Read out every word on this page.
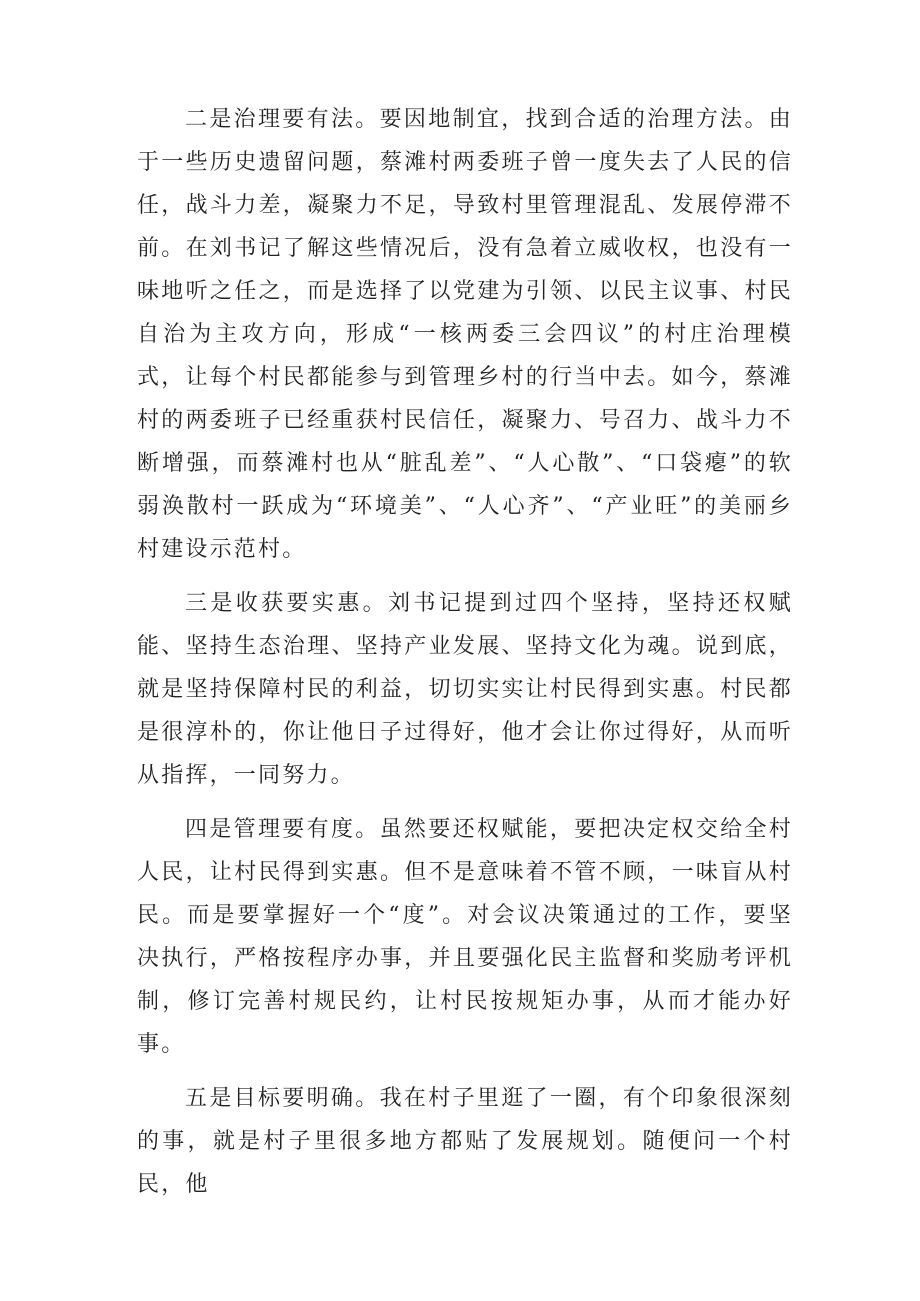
二是治理要有法。要因地制宜，找到合适的治理方法。由于一些历史遗留问题，蔡滩村两委班子曾一度失去了人民的信任，战斗力差，凝聚力不足，导致村里管理混乱、发展停滞不前。在刘书记了解这些情况后，没有急着立威收权，也没有一味地听之任之，而是选择了以党建为引领、以民主议事、村民自治为主攻方向，形成“一核两委三会四议”的村庄治理模式，让每个村民都能参与到管理乡村的行当中去。如今，蔡滩村的两委班子已经重获村民信任，凝聚力、号召力、战斗力不断增强，而蔡滩村也从“脏乱差”、“人心散”、“口袋瘪”的软弱涣散村一跃成为“环境美”、“人心齐”、“产业旺”的美丽乡村建设示范村。

三是收获要实惠。刘书记提到过四个坚持，坚持还权赋能、坚持生态治理、坚持产业发展、坚持文化为魂。说到底，就是坚持保障村民的利益，切切实实让村民得到实惠。村民都是很淳朴的，你让他日子过得好，他才会让你过得好，从而听从指挥，一同努力。

四是管理要有度。虽然要还权赋能，要把决定权交给全村人民，让村民得到实惠。但不是意味着不管不顾，一味盲从村民。而是要掌握好一个“度”。对会议决策通过的工作，要坚决执行，严格按程序办事，并且要强化民主监督和奖励考评机制，修订完善村规民约，让村民按规矩办事，从而才能办好事。

五是目标要明确。我在村子里逛了一圈，有个印象很深刻的事，就是村子里很多地方都贴了发展规划。随便问一个村民，他
